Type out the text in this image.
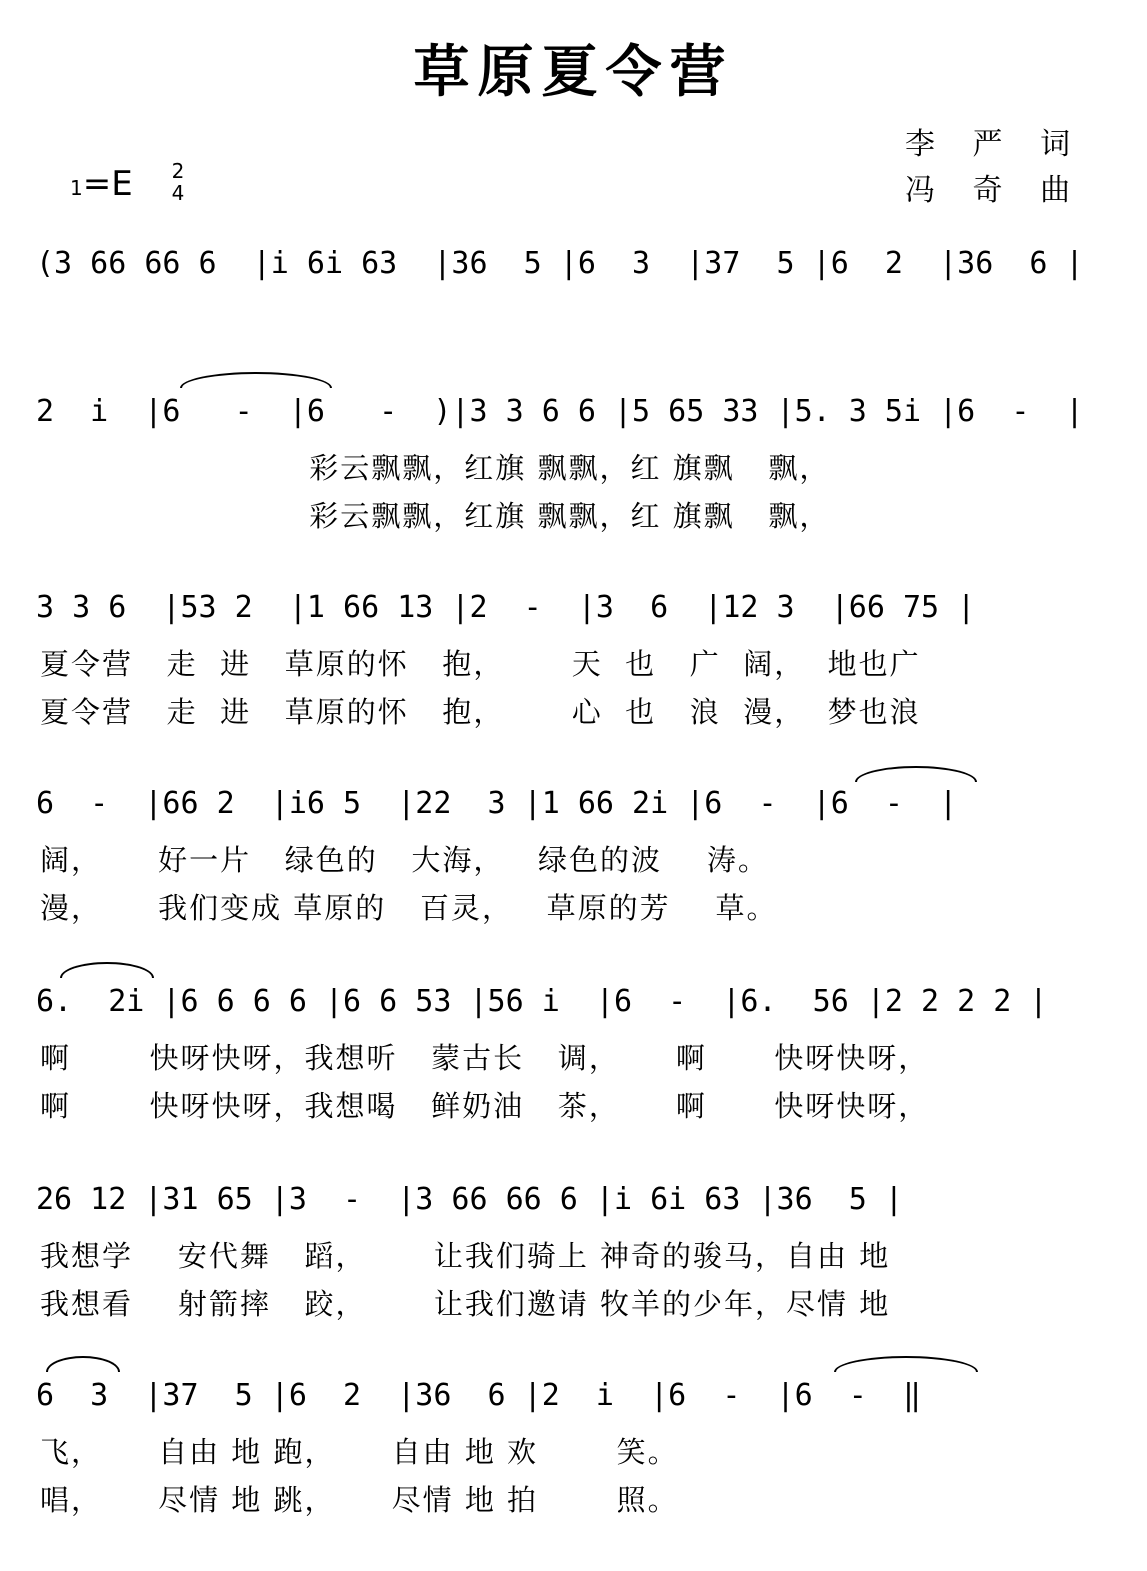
草原夏令营
李 严 词
冯 奇 曲
1=E 2
4
(3 66 66 6  |i 6i 63  |36  5 |6  3  |37  5 |6  2  |36  6 |
2  i  |6   -  |6   -  )|3 3 6 6 |5 65 33 |5. 3 5i |6  -  |
彩云飘飘，红旗 飘飘，红 旗飘   飘，
彩云飘飘，红旗 飘飘，红 旗飘   飘，
3 3 6  |53 2  |1 66 13 |2  -  |3  6  |12 3  |66 75 |
夏令营   走  进   草原的怀   抱，      天  也   广  阔，  地也广
夏令营   走  进   草原的怀   抱，      心  也   浪  漫，  梦也浪
6  -  |66 2  |i6 5  |22  3 |1 66 2i |6  -  |6  -  |
阔，     好一片   绿色的   大海，   绿色的波    涛。
漫，     我们变成 草原的   百灵，   草原的芳    草。
6.  2i |6 6 6 6 |6 6 53 |56 i  |6  -  |6.  56 |2 2 2 2 |
啊       快呀快呀，我想听   蒙古长   调，     啊      快呀快呀，
啊       快呀快呀，我想喝   鲜奶油   茶，     啊      快呀快呀，
26 12 |31 65 |3  -  |3 66 66 6 |i 6i 63 |36  5 |
我想学    安代舞   蹈，      让我们骑上 神奇的骏马，自由 地
我想看    射箭摔   跤，      让我们邀请 牧羊的少年，尽情 地
6  3  |37  5 |6  2  |36  6 |2  i  |6  -  |6  -  ‖
飞，     自由 地 跑，     自由 地 欢       笑。
唱，     尽情 地 跳，     尽情 地 拍       照。
